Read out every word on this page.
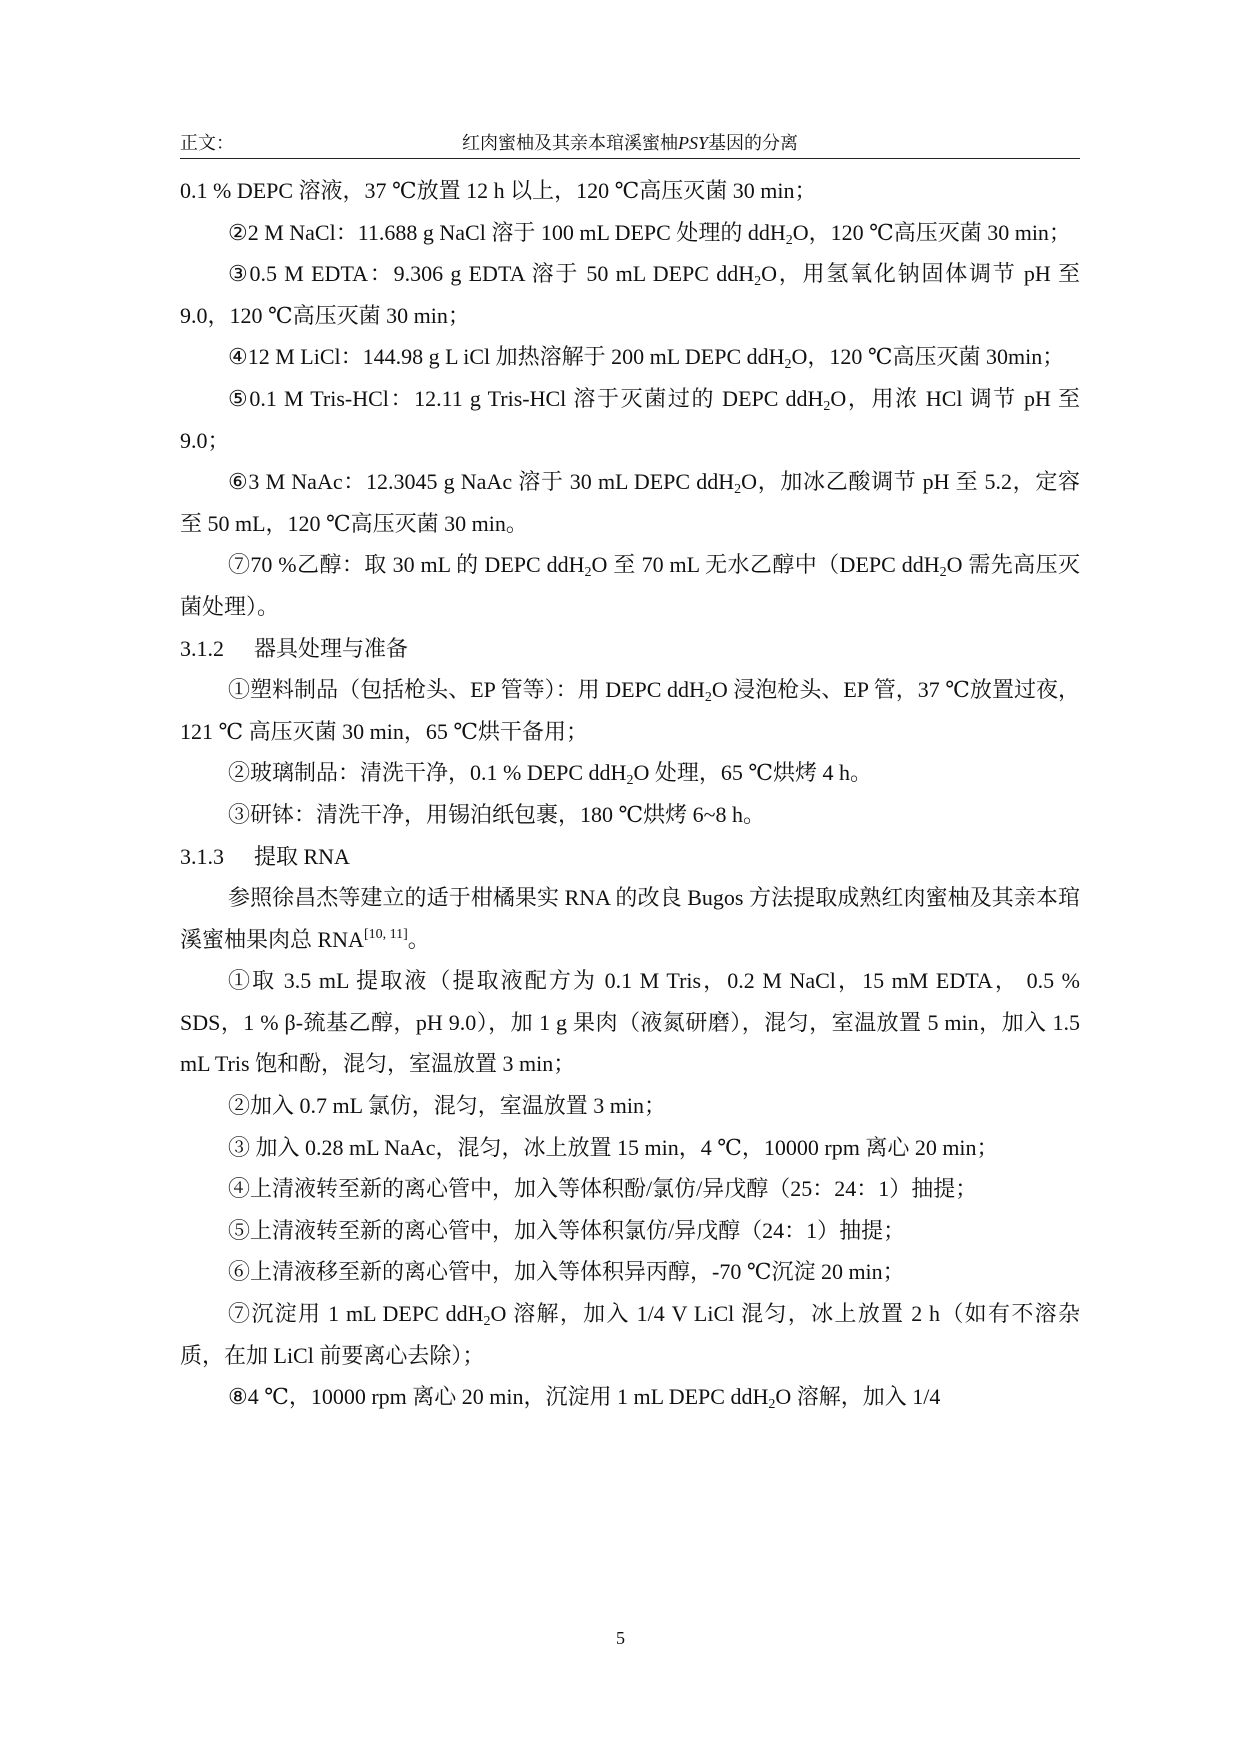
正文：	红肉蜜柚及其亲本琯溪蜜柚PSY基因的分离
0.1 % DEPC 溶液，37 ℃放置 12 h 以上，120 ℃高压灭菌 30 min；
②2 M NaCl：11.688 g NaCl 溶于 100 mL DEPC 处理的 ddH$_2$O，120 ℃高压灭菌 30 min；
③0.5 M EDTA：9.306 g EDTA 溶于 50 mL DEPC ddH$_2$O，用氢氧化钠固体调节 pH 至 9.0，120 ℃高压灭菌 30 min；
④12 M LiCl：144.98 g L iCl 加热溶解于 200 mL DEPC ddH$_2$O，120 ℃高压灭菌 30min；
⑤0.1 M Tris-HCl：12.11 g Tris-HCl 溶于灭菌过的 DEPC ddH$_2$O，用浓 HCl 调节 pH 至 9.0；
⑥3 M NaAc：12.3045 g NaAc 溶于 30 mL DEPC ddH$_2$O，加冰乙酸调节 pH 至 5.2，定容至 50 mL，120 ℃高压灭菌 30 min。
⑦70 %乙醇：取 30 mL 的 DEPC ddH$_2$O 至 70 mL 无水乙醇中（DEPC ddH$_2$O 需先高压灭菌处理）。
3.1.2 器具处理与准备
①塑料制品（包括枪头、EP 管等）：用 DEPC ddH$_2$O 浸泡枪头、EP 管，37 ℃放置过夜，121 ℃ 高压灭菌 30 min，65 ℃烘干备用；
②玻璃制品：清洗干净，0.1 % DEPC ddH$_2$O 处理，65 ℃烘烤 4 h。
③研钵：清洗干净，用锡泊纸包裹，180 ℃烘烤 6~8 h。
3.1.3 提取 RNA
参照徐昌杰等建立的适于柑橘果实 RNA 的改良 Bugos 方法提取成熟红肉蜜柚及其亲本琯溪蜜柚果肉总 RNA[10, 11]。
①取 3.5 mL 提取液（提取液配方为 0.1 M Tris，0.2 M NaCl，15 mM EDTA， 0.5 % SDS，1 % β-巯基乙醇，pH 9.0），加 1 g 果肉（液氮研磨），混匀，室温放置 5 min，加入 1.5 mL Tris 饱和酚，混匀，室温放置 3 min；
②加入 0.7 mL 氯仿，混匀，室温放置 3 min；
③ 加入 0.28 mL NaAc，混匀，冰上放置 15 min，4 ℃，10000 rpm 离心 20 min；
④上清液转至新的离心管中，加入等体积酚/氯仿/异戊醇（25：24：1）抽提；
⑤上清液转至新的离心管中，加入等体积氯仿/异戊醇（24：1）抽提；
⑥上清液移至新的离心管中，加入等体积异丙醇，-70 ℃沉淀 20 min；
⑦沉淀用 1 mL DEPC ddH$_2$O 溶解，加入 1/4 V LiCl 混匀，冰上放置 2 h（如有不溶杂质，在加 LiCl 前要离心去除）；
⑧4 ℃，10000 rpm 离心 20 min，沉淀用 1 mL DEPC ddH$_2$O 溶解，加入 1/4
5
